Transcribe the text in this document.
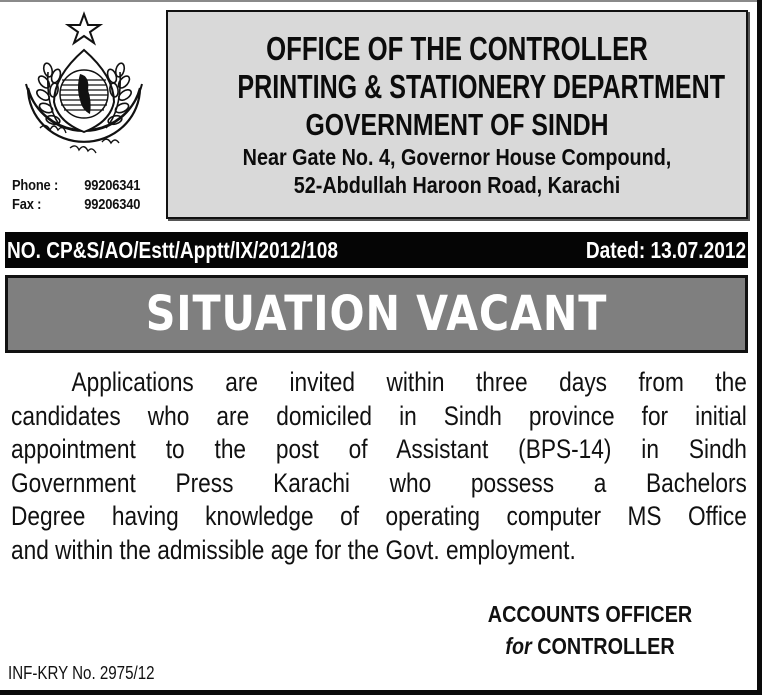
Phone : 99206341
Fax :	99206340
OFFICE OF THE CONTROLLER
PRINTING & STATIONERY DEPARTMENT
GOVERNMENT OF SINDH
Near Gate No. 4, Governor House Compound,
52-Abdullah Haroon Road, Karachi
NO. CP&S/AO/Estt/Apptt/IX/2012/108	Dated: 13.07.2012
SITUATION VACANT
Applications are invited within three days from the
candidates who are domiciled in Sindh province for initial
appointment to the post of Assistant (BPS-14) in Sindh
Government Press Karachi who possess a Bachelors
Degree having knowledge of operating computer MS Office
and within the admissible age for the Govt. employment.
ACCOUNTS OFFICER
for CONTROLLER
INF-KRY No. 2975/12
